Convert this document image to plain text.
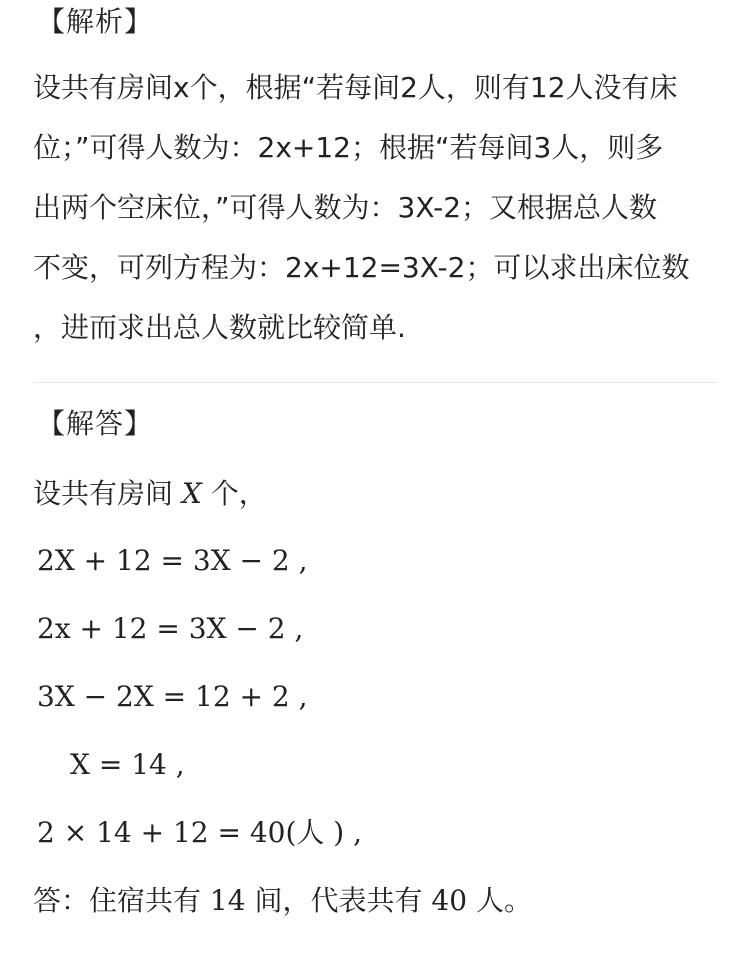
【解析】
设共有房间x个，根据“若每间2人，则有12人没有床
位；”可得人数为：2x+12；根据“若每间3人，则多
出两个空床位，”可得人数为：3X-2；又根据总人数
不变，可列方程为：2x+12=3X-2；可以求出床位数
，进而求出总人数就比较简单.
【解答】
设共有房间 X 个，
2X + 12 = 3X − 2 ,
2x + 12 = 3X − 2 ,
3X − 2X = 12 + 2 ,
X = 14 ,
2 × 14 + 12 = 40(人 ) ,
答：住宿共有 14 间，代表共有 40 人。
